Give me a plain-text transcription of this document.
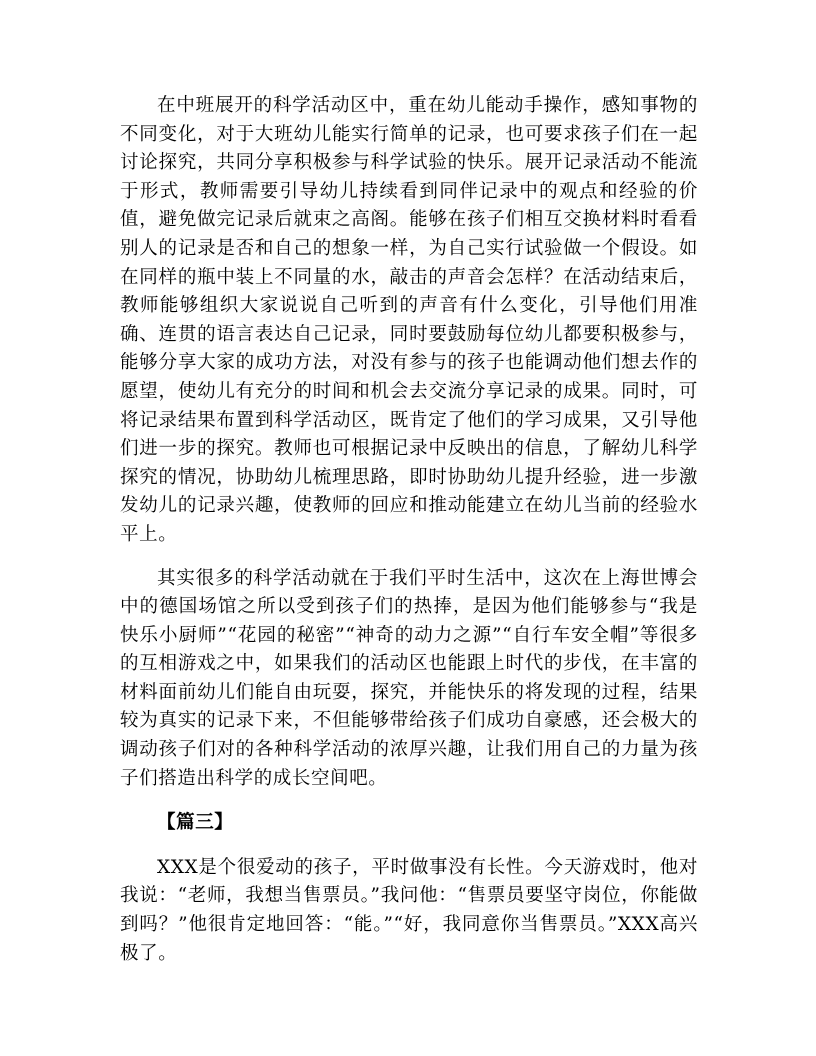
在中班展开的科学活动区中，重在幼儿能动手操作，感知事物的不同变化，对于大班幼儿能实行简单的记录，也可要求孩子们在一起讨论探究，共同分享积极参与科学试验的快乐。展开记录活动不能流于形式，教师需要引导幼儿持续看到同伴记录中的观点和经验的价值，避免做完记录后就束之高阁。能够在孩子们相互交换材料时看看别人的记录是否和自己的想象一样，为自己实行试验做一个假设。如在同样的瓶中装上不同量的水，敲击的声音会怎样？在活动结束后，教师能够组织大家说说自己听到的声音有什么变化，引导他们用准确、连贯的语言表达自己记录，同时要鼓励每位幼儿都要积极参与，能够分享大家的成功方法，对没有参与的孩子也能调动他们想去作的愿望，使幼儿有充分的时间和机会去交流分享记录的成果。同时，可将记录结果布置到科学活动区，既肯定了他们的学习成果，又引导他们进一步的探究。教师也可根据记录中反映出的信息，了解幼儿科学探究的情况，协助幼儿梳理思路，即时协助幼儿提升经验，进一步激发幼儿的记录兴趣，使教师的回应和推动能建立在幼儿当前的经验水平上。

其实很多的科学活动就在于我们平时生活中，这次在上海世博会中的德国场馆之所以受到孩子们的热捧，是因为他们能够参与“我是快乐小厨师”“花园的秘密”“神奇的动力之源”“自行车安全帽”等很多的互相游戏之中，如果我们的活动区也能跟上时代的步伐，在丰富的材料面前幼儿们能自由玩耍，探究，并能快乐的将发现的过程，结果较为真实的记录下来，不但能够带给孩子们成功自豪感，还会极大的调动孩子们对的各种科学活动的浓厚兴趣，让我们用自己的力量为孩子们搭造出科学的成长空间吧。

【篇三】

XXX是个很爱动的孩子，平时做事没有长性。今天游戏时，他对我说：“老师，我想当售票员。”我问他：“售票员要坚守岗位，你能做到吗？”他很肯定地回答：“能。”“好，我同意你当售票员。”XXX高兴极了。
